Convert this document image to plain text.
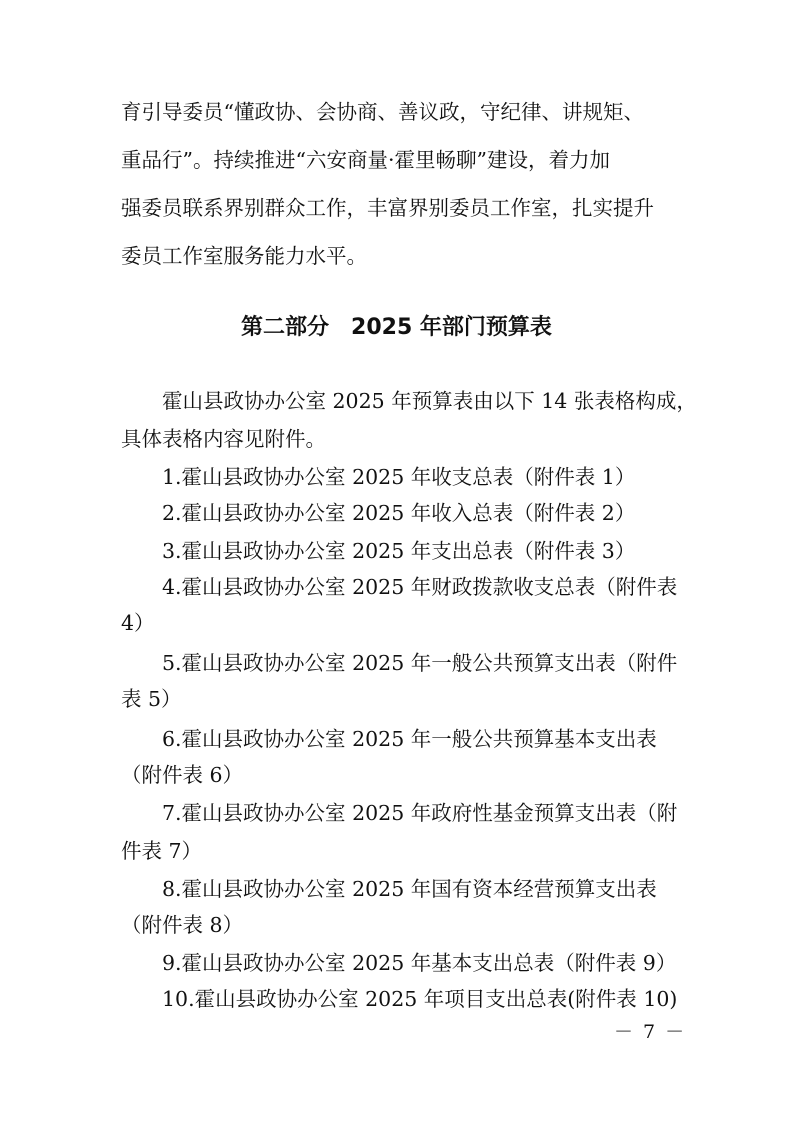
育引导委员“懂政协、会协商、善议政，守纪律、讲规矩、

重品行”。持续推进“六安商量·霍里畅聊”建设，着力加

强委员联系界别群众工作，丰富界别委员工作室，扎实提升

委员工作室服务能力水平。

第二部分　2025 年部门预算表

霍山县政协办公室 2025 年预算表由以下 14 张表格构成，

具体表格内容见附件。

1.霍山县政协办公室 2025 年收支总表（附件表 1）

2.霍山县政协办公室 2025 年收入总表（附件表 2）

3.霍山县政协办公室 2025 年支出总表（附件表 3）

4.霍山县政协办公室 2025 年财政拨款收支总表（附件表

4）

5.霍山县政协办公室 2025 年一般公共预算支出表（附件

表 5）

6.霍山县政协办公室 2025 年一般公共预算基本支出表

（附件表 6）

7.霍山县政协办公室 2025 年政府性基金预算支出表（附

件表 7）

8.霍山县政协办公室 2025 年国有资本经营预算支出表

（附件表 8）

9.霍山县政协办公室 2025 年基本支出总表（附件表 9）

10.霍山县政协办公室 2025 年项目支出总表(附件表 10)

－ 7 －
